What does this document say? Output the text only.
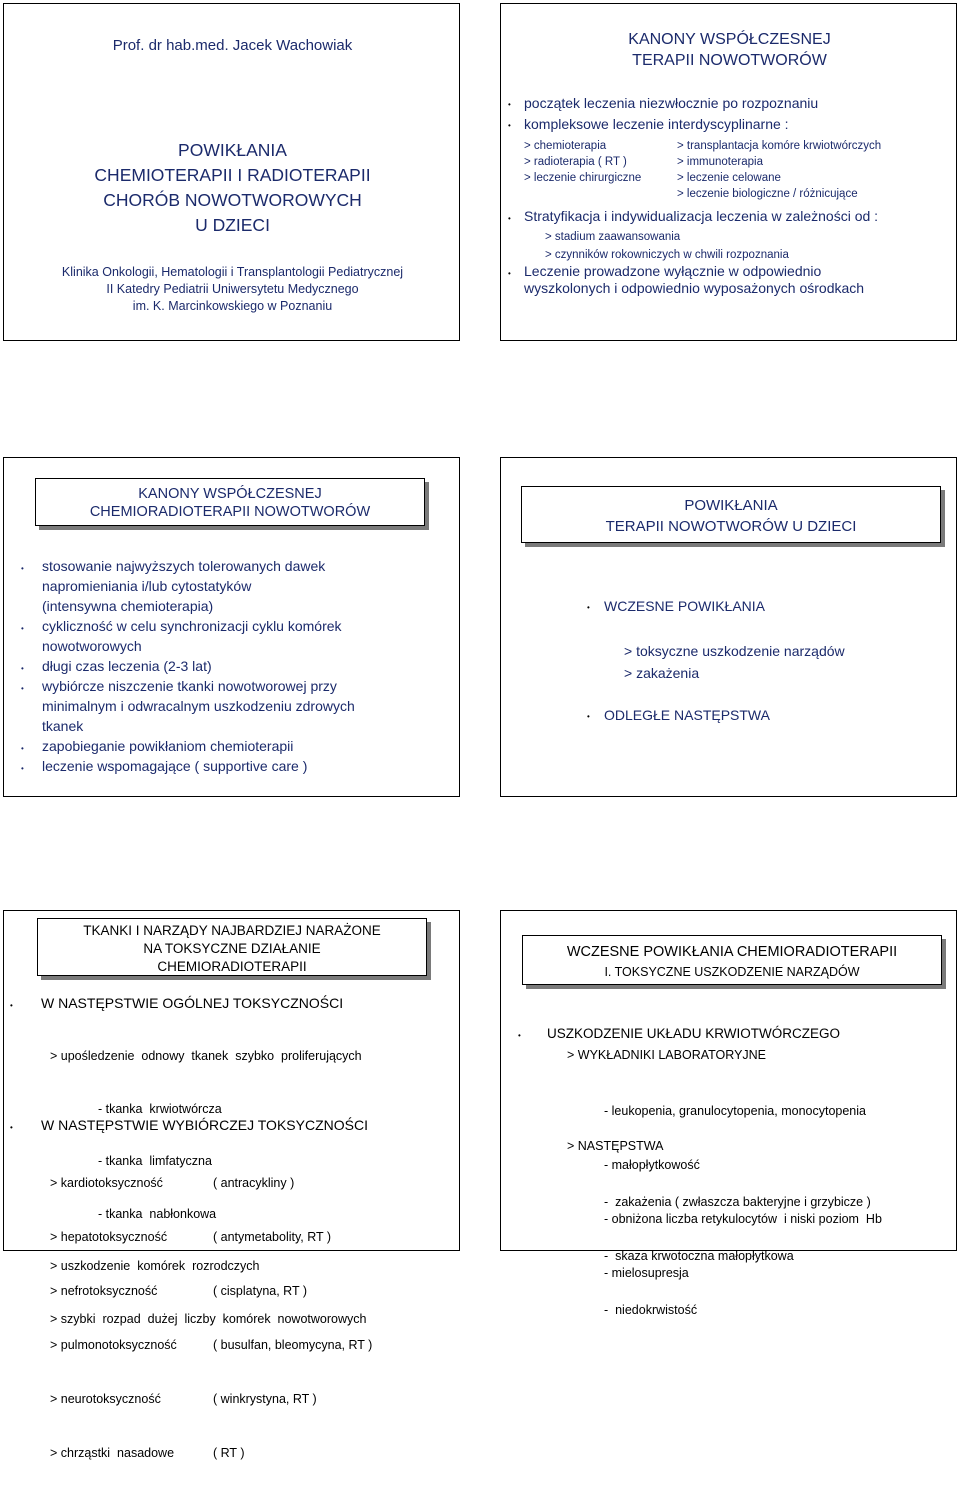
Prof. dr hab.med. Jacek Wachowiak
POWIKŁANIA
CHEMIOTERAPII I RADIOTERAPII
CHORÓB NOWOTWOROWYCH
U DZIECI
Klinika Onkologii, Hematologii i Transplantologii Pediatrycznej
II Katedry Pediatrii Uniwersytetu Medycznego
im. K. Marcinkowskiego w Poznaniu
KANONY WSPÓŁCZESNEJ
TERAPII NOWOTWORÓW
• początek leczenia niezwłocznie po rozpoznaniu
• kompleksowe leczenie interdyscyplinarne :
> chemioterapia
> radioterapia ( RT )
> leczenie chirurgiczne
> transplantacja komóre krwiotwórczych
> immunoterapia
> leczenie celowane
> leczenie biologiczne / różnicujące
• Stratyfikacja i indywidualizacja leczenia w zależności od :
> stadium zaawansowania
> czynników rokowniczych w chwili rozpoznania
• Leczenie prowadzone wyłącznie w odpowiednio
wyszkolonych i odpowiednio wyposażonych ośrodkach
KANONY WSPÓŁCZESNEJ
CHEMIORADIOTERAPII NOWOTWORÓW
• stosowanie najwyższych tolerowanych dawek
napromieniania i/lub cytostatyków
(intensywna chemioterapia)
• cykliczność w celu synchronizacji cyklu komórek
nowotworowych
• długi czas leczenia (2-3 lat)
• wybiórcze niszczenie tkanki nowotworowej przy
minimalnym i odwracalnym uszkodzeniu zdrowych
tkanek
• zapobieganie powikłaniom chemioterapii
• leczenie wspomagające ( supportive care )
POWIKŁANIA
TERAPII NOWOTWORÓW U DZIECI
• WCZESNE POWIKŁANIA
> toksyczne uszkodzenie narządów
> zakażenia
• ODLEGŁE NASTĘPSTWA
TKANKI I NARZĄDY NAJBARDZIEJ NARAŻONE
NA TOKSYCZNE DZIAŁANIE
CHEMIORADIOTERAPII
• W NASTĘPSTWIE OGÓLNEJ TOKSYCZNOŚCI

> upośledzenie  odnowy  tkanek  szybko  proliferujących

- tkanka  krwiotwórcza

- tkanka  limfatyczna

- tkanka  nabłonkowa

> uszkodzenie  komórek  rozrodczych

> szybki  rozpad  dużej  liczby  komórek  nowotworowych

• W NASTĘPSTWIE WYBIÓRCZEJ TOKSYCZNOŚCI

> kardiotoksyczność

> hepatotoksyczność

> nefrotoksyczność

> pulmonotoksyczność

> neurotoksyczność

> chrząstki  nasadowe

( antracykliny )

( antymetabolity, RT )

( cisplatyna, RT )

( busulfan, bleomycyna, RT )

( winkrystyna, RT )

( RT )

WCZESNE POWIKŁANIA CHEMIORADIOTERAPII
I. TOKSYCZNE USZKODZENIE NARZĄDÓW
• USZKODZENIE UKŁADU KRWIOTWÓRCZEGO
> WYKŁADNIKI LABORATORYJNE

- leukopenia, granulocytopenia, monocytopenia

- małopłytkowość

- obniżona liczba retykulocytów  i niski poziom  Hb

- mielosupresja

> NASTĘPSTWA

-  zakażenia ( zwłaszcza bakteryjne i grzybicze )

-  skaza krwotoczna małopłytkowa

-  niedokrwistość
